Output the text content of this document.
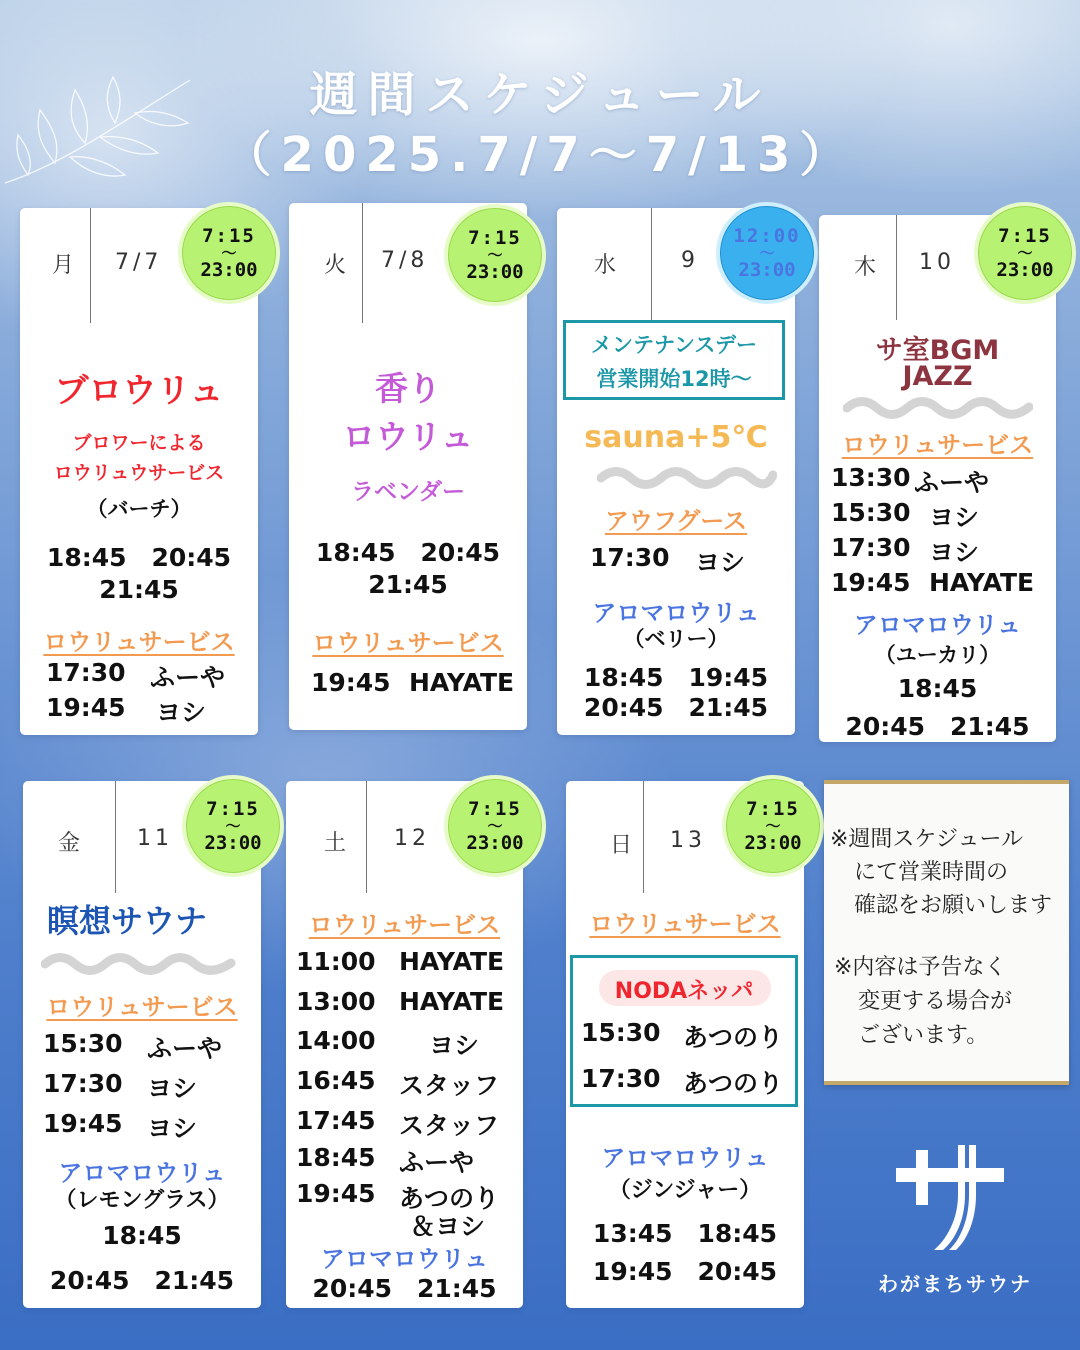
週間スケジュール
（2025.7/7～7/13）
月 7/7
ブロウリュ
ブロワーによる
ロウリュウサービス
（バーチ）
18:45　20:45
21:45
ロウリュサービス
17:30 ふーや
19:45 ヨシ
7:15
～
23:00	火 7/8
香り
ロウリュ
ラベンダー
18:45　20:45
21:45
ロウリュサービス
19:45 HAYATE
7:15
～
23:00	水	9
メンテナンスデー
営業開始12時～
sauna+5℃
アウフグース
17:30 ヨシ
アロマロウリュ
（ベリー）
18:45　19:45
20:45　21:45
12:00
～
23:00	木 10
サ室BGM
JAZZ
ロウリュサービス
13:30 ふーや
15:30 ヨシ
17:30 ヨシ
19:45 HAYATE
アロマロウリュ
（ユーカリ）
18:45
20:45　21:45
7:15
～
23:00
金 11
瞑想サウナ
ロウリュサービス
15:30 ふーや
17:30 ヨシ
19:45 ヨシ
アロマロウリュ
（レモングラス）
18:45
20:45　21:45
7:15
～
23:00	土 12
ロウリュサービス
11:00 HAYATE
13:00 HAYATE
14:00 ヨシ
16:45 スタッフ
17:45 スタッフ
18:45 ふーや
19:45 あつのり
＆ヨシ
アロマロウリュ
20:45　21:45
7:15
～
23:00	日 13
ロウリュサービス
NODAネッパ
15:30 あつのり
17:30 あつのり
アロマロウリュ
（ジンジャー）
13:45　18:45
19:45　20:45
7:15
～
23:00 ※週間スケジュール

にて営業時間の

確認をお願いします

※内容は予告なく

変更する場合が

ございます。

わがまちサウナ
